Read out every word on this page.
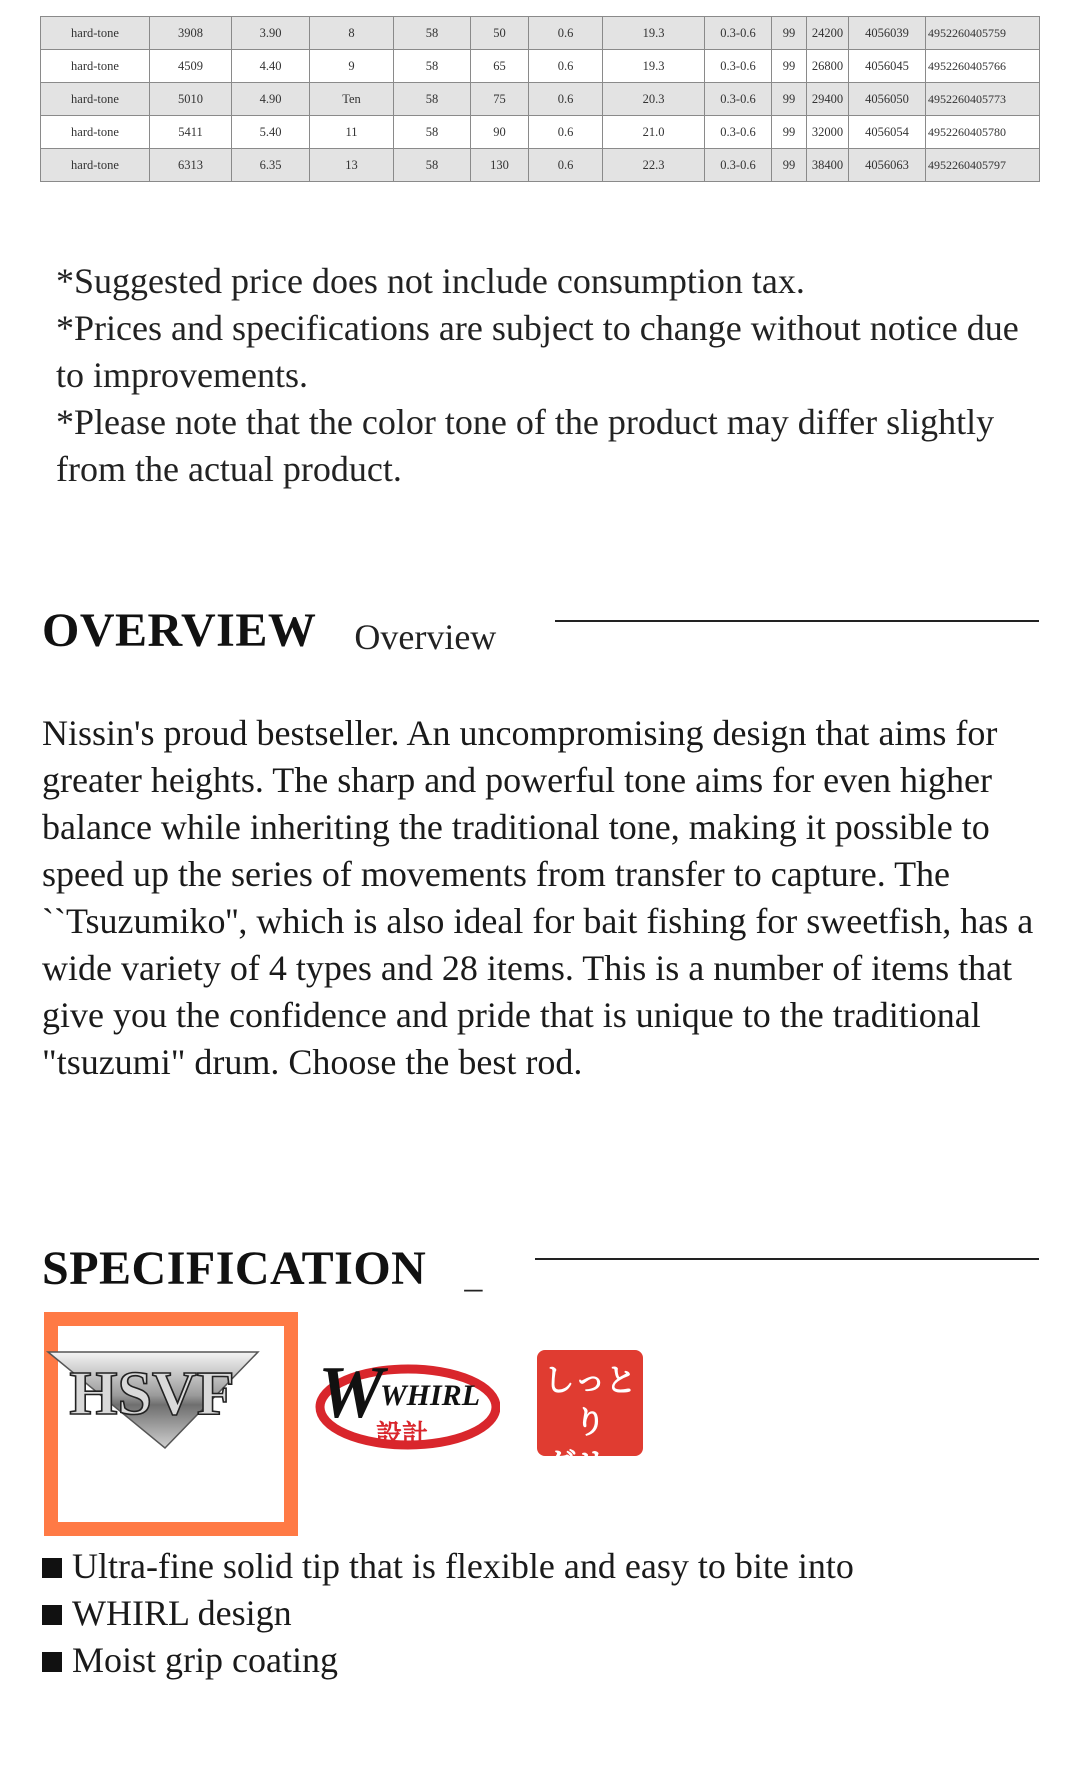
hard-tone	3908	3.90	8	58	50	0.6	19.3	0.3-0.6	99	24200	4056039	4952260405759
hard-tone	4509	4.40	9	58	65	0.6	19.3	0.3-0.6	99	26800	4056045	4952260405766
hard-tone	5010	4.90	Ten	58	75	0.6	20.3	0.3-0.6	99	29400	4056050	4952260405773
hard-tone	5411	5.40	11	58	90	0.6	21.0	0.3-0.6	99	32000	4056054	4952260405780
hard-tone	6313	6.35	13	58	130	0.6	22.3	0.3-0.6	99	38400	4056063	4952260405797

*Suggested price does not include consumption tax.

*Prices and specifications are subject to change without notice due to improvements.

*Please note that the color tone of the product may differ slightly from the actual product.

OVERVIEW Overview
Nissin's proud bestseller. An uncompromising design that aims for greater heights. The sharp and powerful tone aims for even higher balance while inheriting the traditional tone, making it possible to speed up the series of movements from transfer to capture. The ``Tsuzumiko'', which is also ideal for bait fishing for sweetfish, has a wide variety of 4 types and 28 items. This is a number of items that give you the confidence and pride that is unique to the traditional "tsuzumi" drum. Choose the best rod.
SPECIFICATION _
HSVF W
WHIRL
設計
しっとり
グリップ
Ultra-fine solid tip that is flexible and easy to bite into
WHIRL design
Moist grip coating
